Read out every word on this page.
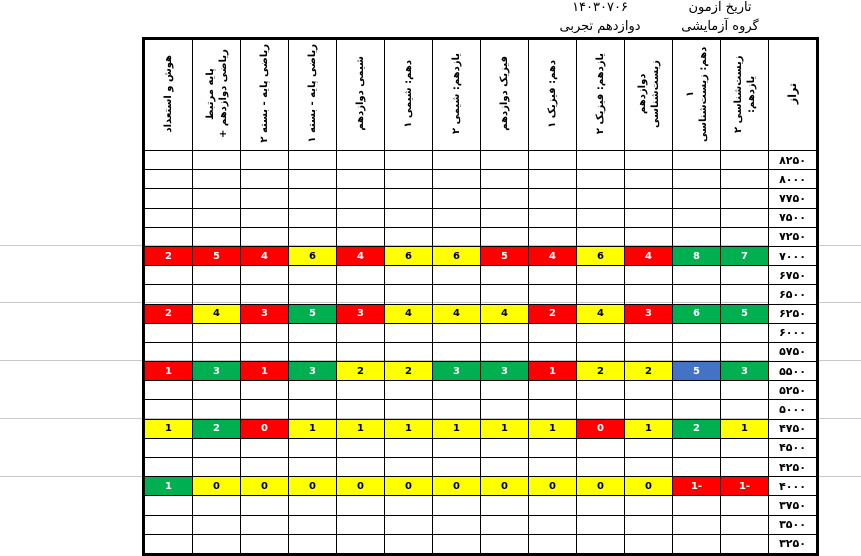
تاریخ آزمون
۱۴۰۳۰۷۰۶
گروه آزمایشی
دوازدهم تجربی
تراز	یازدهم: زیست‌شناسی ۲	دهم: زیست‌شناسی ۱	زیست‌شناسی دوازدهم	یازدهم: فیزیک ۲	دهم: فیزیک ۱	فیزیک دوازدهم	یازدهم: شیمی ۲	دهم: شیمی ۱	شیمی دوازدهم	ریاضی پایه - بسته ۱	ریاضی پایه - بسته ۲	ریاضی دوازدهم + پایه مرتبط	هوش و استعداد
۸۲۵۰													
۸۰۰۰													
۷۷۵۰													
۷۵۰۰													
۷۲۵۰													
۷۰۰۰	7	8	4	6	4	5	6	6	4	6	4	5	2
۶۷۵۰													
۶۵۰۰													
۶۲۵۰	5	6	3	4	2	4	4	4	3	5	3	4	2
۶۰۰۰													
۵۷۵۰													
۵۵۰۰	3	5	2	2	1	3	3	2	2	3	1	3	1
۵۲۵۰													
۵۰۰۰													
۴۷۵۰	1	2	1	0	1	1	1	1	1	1	0	2	1
۴۵۰۰													
۴۲۵۰													
۴۰۰۰	-1	-1	0	0	0	0	0	0	0	0	0	0	1
۳۷۵۰													
۳۵۰۰													
۳۲۵۰													
